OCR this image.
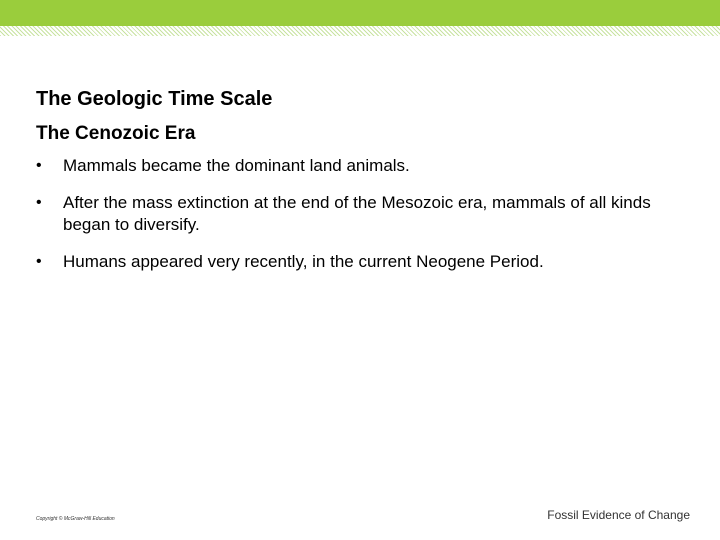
The Geologic Time Scale
The Cenozoic Era
• Mammals became the dominant land animals.
• After the mass extinction at the end of the Mesozoic era, mammals of all kinds began to diversify.
• Humans appeared very recently, in the current Neogene Period.
Copyright © McGraw-Hill Education	Fossil Evidence of Change
